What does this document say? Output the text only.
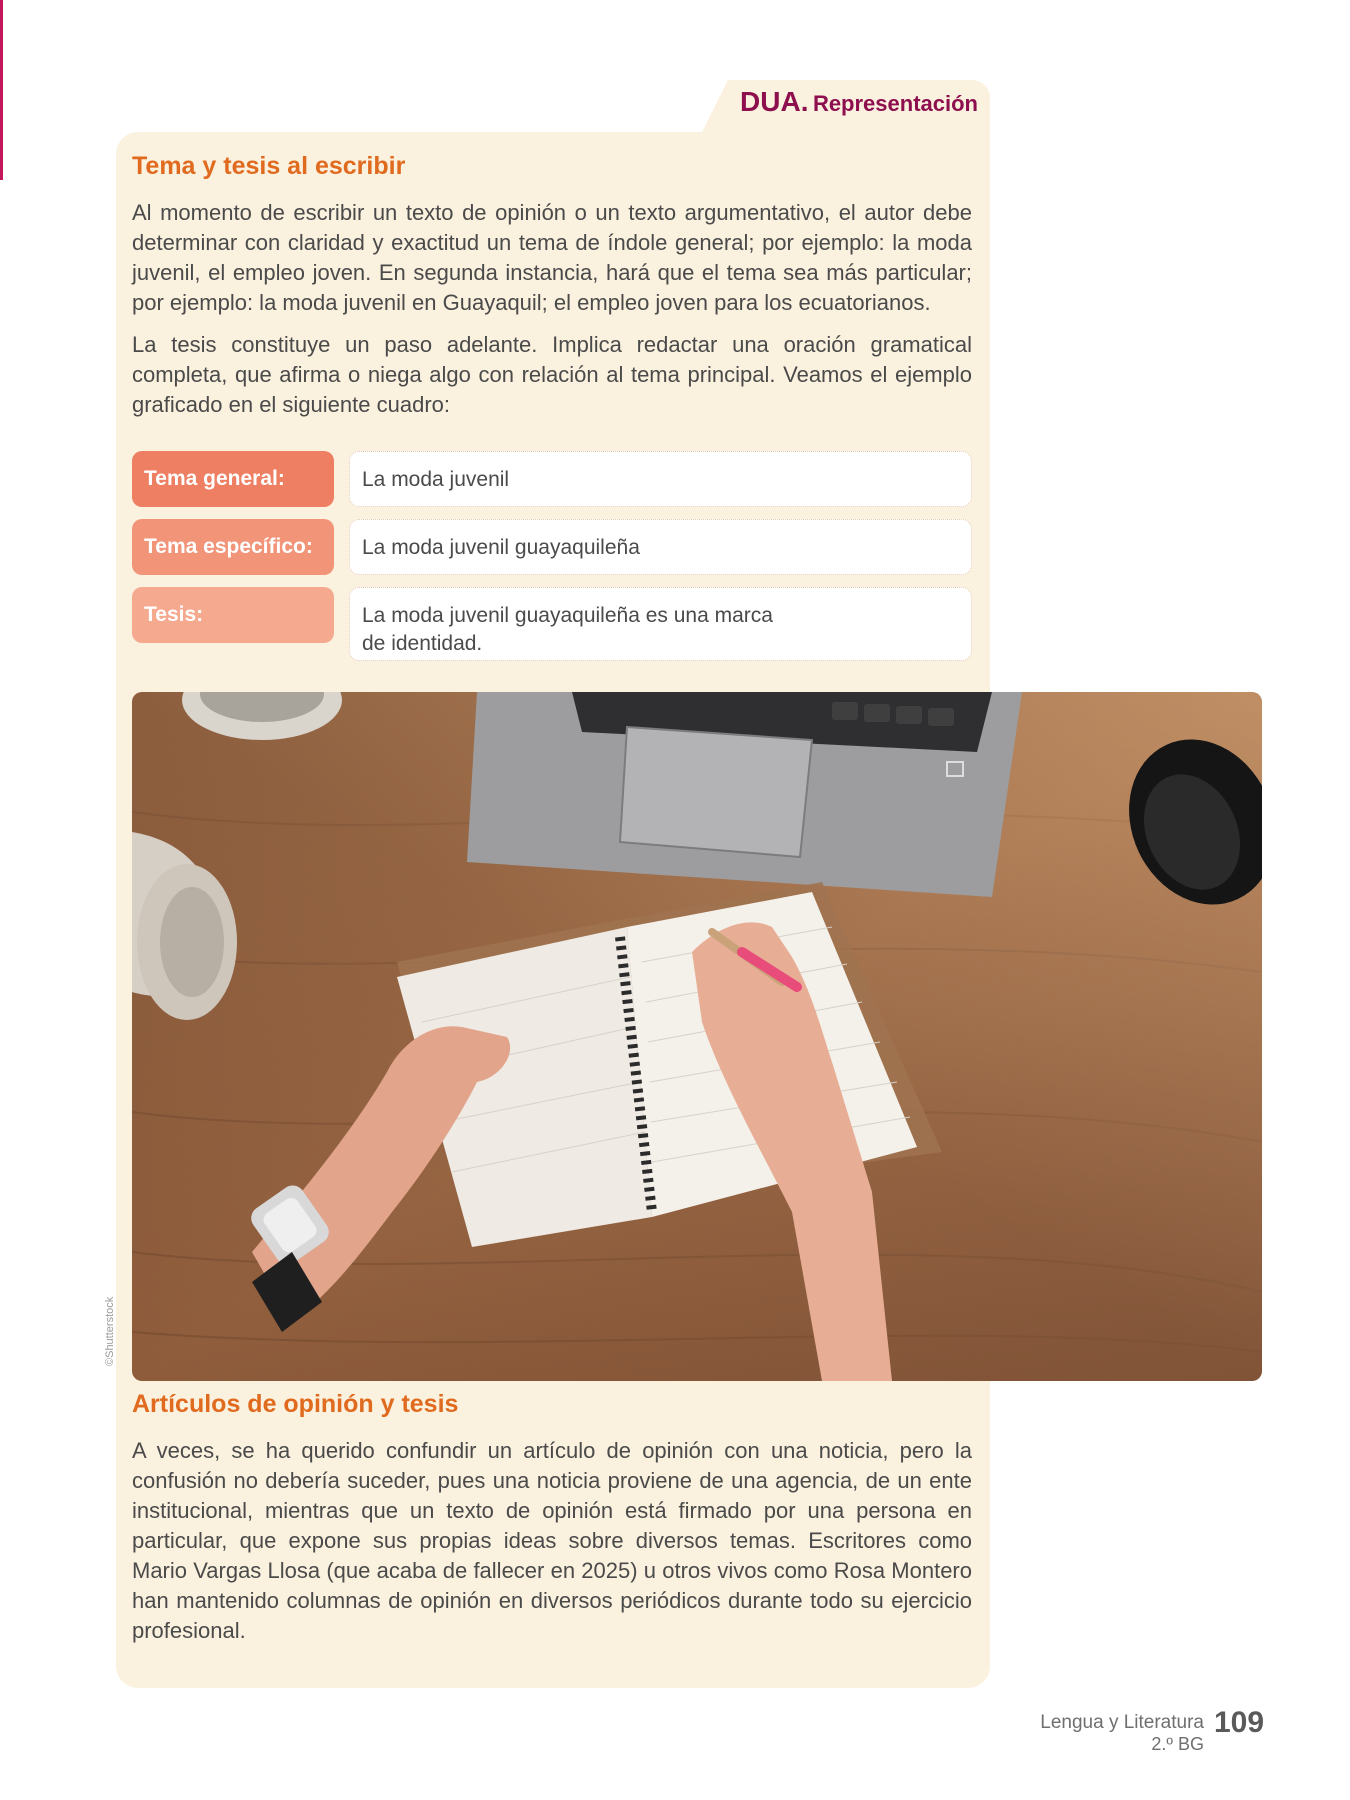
DUA. Representación
Tema y tesis al escribir

Al momento de escribir un texto de opinión o un texto argumentativo, el autor debe determinar con claridad y exactitud un tema de índole general; por ejemplo: la moda juvenil, el empleo joven. En segunda instancia, hará que el tema sea más particular; por ejemplo: la moda juvenil en Guayaquil; el empleo joven para los ecuatorianos.

La tesis constituye un paso adelante. Implica redactar una oración gramatical completa, que afirma o niega algo con relación al tema principal. Veamos el ejemplo graficado en el siguiente cuadro:

Tema general:	La moda juvenil
Tema específico:	La moda juvenil guayaquileña
Tesis:	La moda juvenil guayaquileña es una marca de identidad.
©Shutterstock
Artículos de opinión y tesis

A veces, se ha querido confundir un artículo de opinión con una noticia, pero la confusión no debería suceder, pues una noticia proviene de una agencia, de un ente institucional, mientras que un texto de opinión está firmado por una persona en particular, que expone sus propias ideas sobre diversos temas. Escritores como Mario Vargas Llosa (que acaba de fallecer en 2025) u otros vivos como Rosa Montero han mantenido columnas de opinión en diversos periódicos durante todo su ejercicio profesional.

Lengua y Literatura
2.º BG
109
